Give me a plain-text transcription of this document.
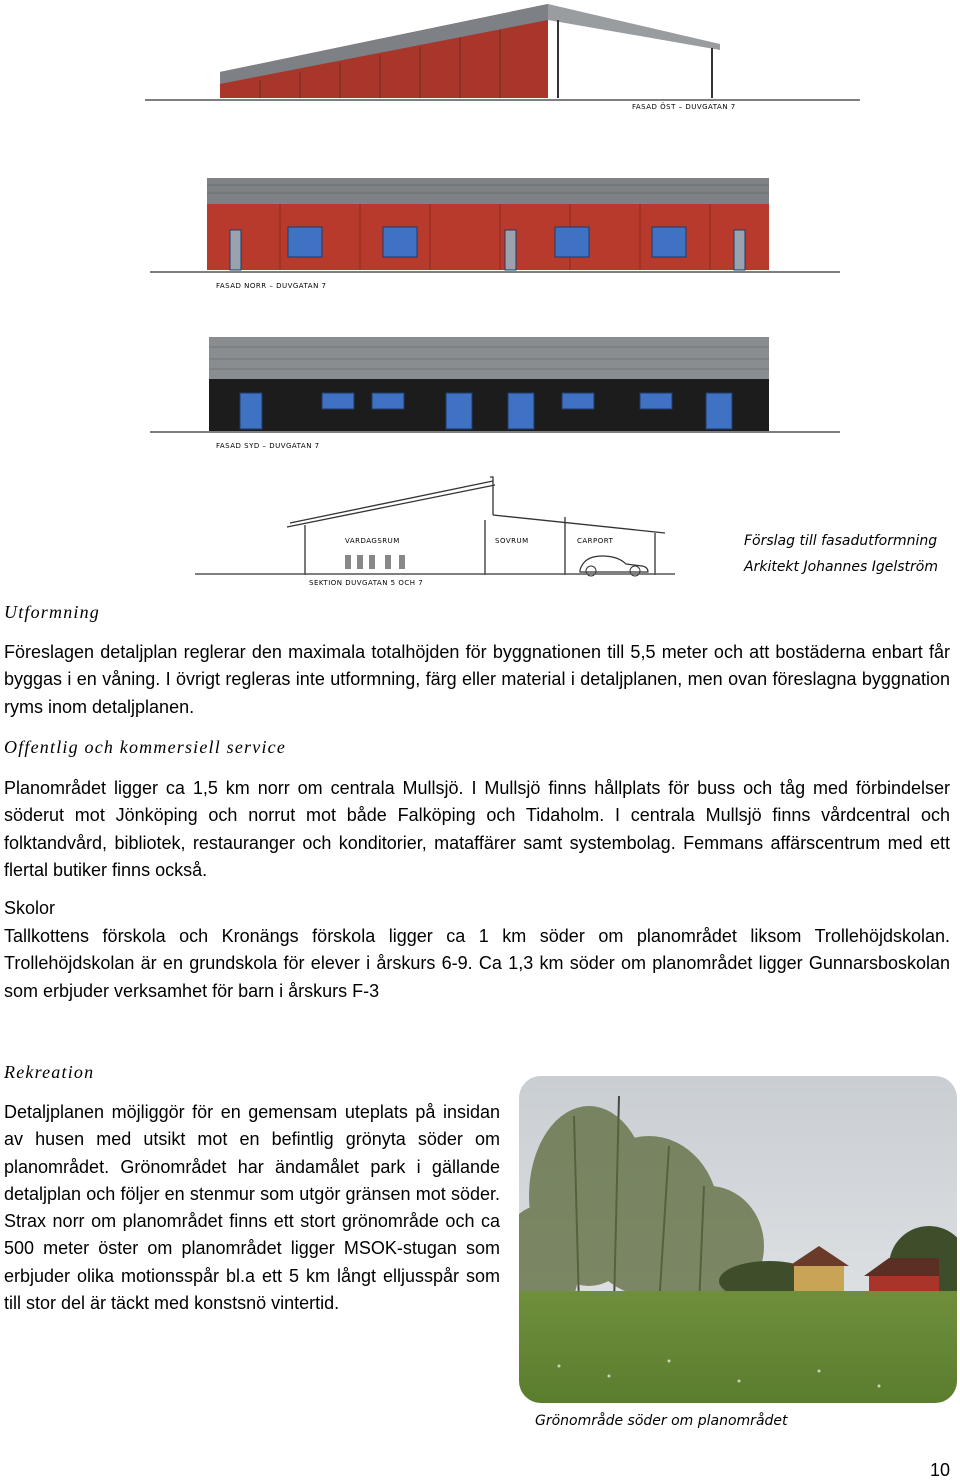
FASAD ÖST – DUVGATAN 7
FASAD NORR – DUVGATAN 7
FASAD SYD – DUVGATAN 7
VARDAGSRUM	SOVRUM	CARPORT
SEKTION DUVGATAN 5 OCH 7
Förslag till fasadutformning
Arkitekt Johannes Igelström
Utformning

Föreslagen detaljplan reglerar den maximala totalhöjden för byggnationen till 5,5 meter och att bostäderna enbart får byggas i en våning. I övrigt regleras inte utformning, färg eller material i detaljplanen, men ovan föreslagna byggnation ryms inom detaljplanen.

Offentlig och kommersiell service

Planområdet ligger ca 1,5 km norr om centrala Mullsjö. I Mullsjö finns hållplats för buss och tåg med förbindelser söderut mot Jönköping och norrut mot både Falköping och Tidaholm. I centrala Mullsjö finns vårdcentral och folktandvård, bibliotek, restauranger och konditorier, mataffärer samt systembolag. Femmans affärscentrum med ett flertal butiker finns också.

Skolor

Tallkottens förskola och Kronängs förskola ligger ca 1 km söder om planområdet liksom Trollehöjdskolan. Trollehöjdskolan är en grundskola för elever i årskurs 6-9. Ca 1,3 km söder om planområdet ligger Gunnarsboskolan som erbjuder verksamhet för barn i årskurs F-3

Rekreation

Detaljplanen möjliggör för en gemensam uteplats på insidan av husen med utsikt mot en befintlig grönyta söder om planområdet. Grönområdet har ändamålet park i gällande detaljplan och följer en stenmur som utgör gränsen mot söder. Strax norr om planområdet finns ett stort grönområde och ca 500 meter öster om planområdet ligger MSOK-stugan som erbjuder olika motionsspår bl.a ett 5 km långt elljusspår som till stor del är täckt med konstsnö vintertid.

Grönområde söder om planområdet
10
